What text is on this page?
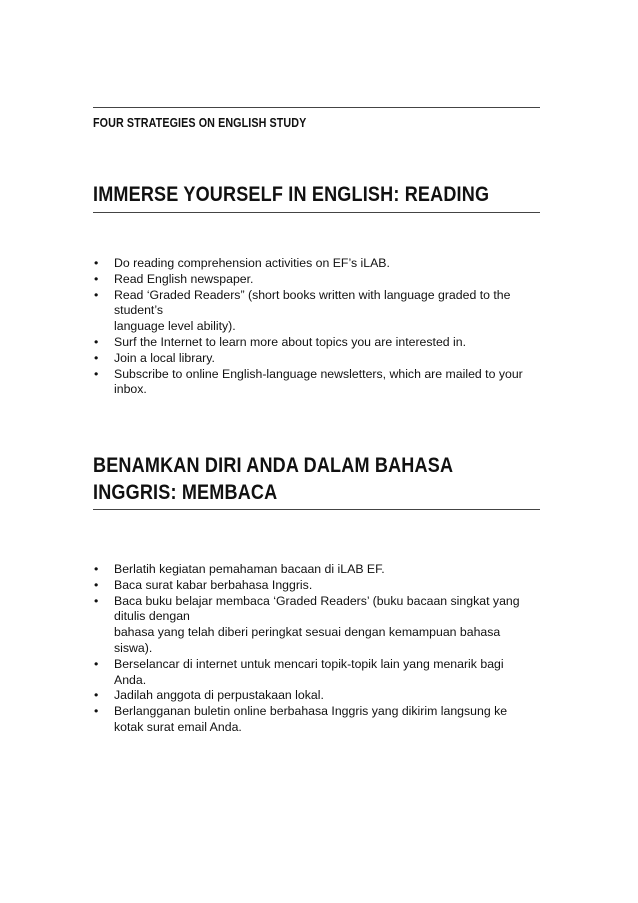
FOUR STRATEGIES ON ENGLISH STUDY
IMMERSE YOURSELF IN ENGLISH: READING
• Do reading comprehension activities on EF’s iLAB.
• Read English newspaper.
• Read ‘Graded Readers” (short books written with language graded to the
student’s
language level ability).
• Surf the Internet to learn more about topics you are interested in.
• Join a local library.
• Subscribe to online English-language newsletters, which are mailed to your
inbox.
BENAMKAN DIRI ANDA DALAM BAHASA
INGGRIS: MEMBACA
• Berlatih kegiatan pemahaman bacaan di iLAB EF.
• Baca surat kabar berbahasa Inggris.
• Baca buku belajar membaca ‘Graded Readers’ (buku bacaan singkat yang
ditulis dengan
bahasa yang telah diberi peringkat sesuai dengan kemampuan bahasa
siswa).
• Berselancar di internet untuk mencari topik-topik lain yang menarik bagi
Anda.
• Jadilah anggota di perpustakaan lokal.
• Berlangganan buletin online berbahasa Inggris yang dikirim langsung ke
kotak surat email Anda.
